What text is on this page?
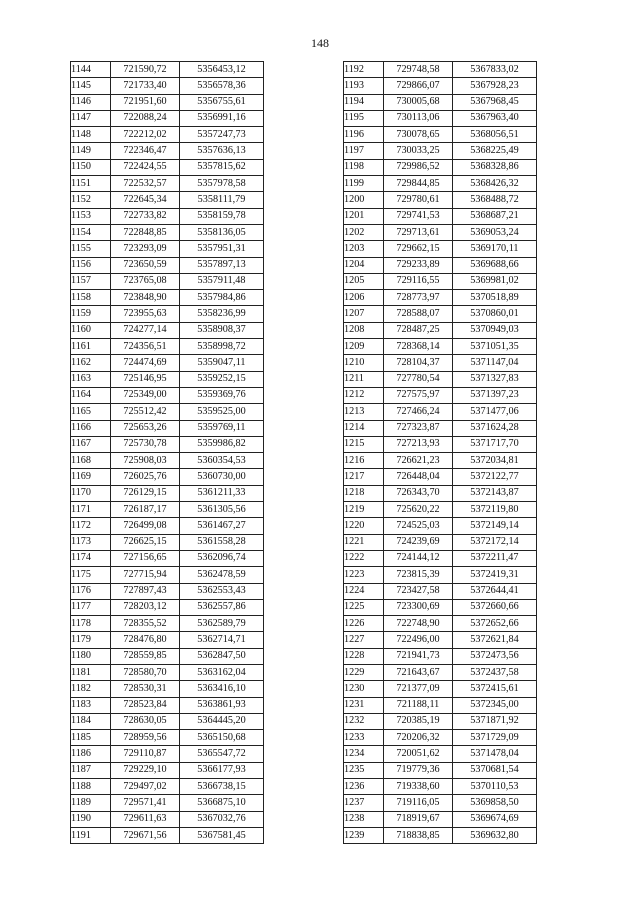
148
1144	721590,72	5356453,12
1145	721733,40	5356578,36
1146	721951,60	5356755,61
1147	722088,24	5356991,16
1148	722212,02	5357247,73
1149	722346,47	5357636,13
1150	722424,55	5357815,62
1151	722532,57	5357978,58
1152	722645,34	5358111,79
1153	722733,82	5358159,78
1154	722848,85	5358136,05
1155	723293,09	5357951,31
1156	723650,59	5357897,13
1157	723765,08	5357911,48
1158	723848,90	5357984,86
1159	723955,63	5358236,99
1160	724277,14	5358908,37
1161	724356,51	5358998,72
1162	724474,69	5359047,11
1163	725146,95	5359252,15
1164	725349,00	5359369,76
1165	725512,42	5359525,00
1166	725653,26	5359769,11
1167	725730,78	5359986,82
1168	725908,03	5360354,53
1169	726025,76	5360730,00
1170	726129,15	5361211,33
1171	726187,17	5361305,56
1172	726499,08	5361467,27
1173	726625,15	5361558,28
1174	727156,65	5362096,74
1175	727715,94	5362478,59
1176	727897,43	5362553,43
1177	728203,12	5362557,86
1178	728355,52	5362589,79
1179	728476,80	5362714,71
1180	728559,85	5362847,50
1181	728580,70	5363162,04
1182	728530,31	5363416,10
1183	728523,84	5363861,93
1184	728630,05	5364445,20
1185	728959,56	5365150,68
1186	729110,87	5365547,72
1187	729229,10	5366177,93
1188	729497,02	5366738,15
1189	729571,41	5366875,10
1190	729611,63	5367032,76
1191	729671,56	5367581,45
1192	729748,58	5367833,02
1193	729866,07	5367928,23
1194	730005,68	5367968,45
1195	730113,06	5367963,40
1196	730078,65	5368056,51
1197	730033,25	5368225,49
1198	729986,52	5368328,86
1199	729844,85	5368426,32
1200	729780,61	5368488,72
1201	729741,53	5368687,21
1202	729713,61	5369053,24
1203	729662,15	5369170,11
1204	729233,89	5369688,66
1205	729116,55	5369981,02
1206	728773,97	5370518,89
1207	728588,07	5370860,01
1208	728487,25	5370949,03
1209	728368,14	5371051,35
1210	728104,37	5371147,04
1211	727780,54	5371327,83
1212	727575,97	5371397,23
1213	727466,24	5371477,06
1214	727323,87	5371624,28
1215	727213,93	5371717,70
1216	726621,23	5372034,81
1217	726448,04	5372122,77
1218	726343,70	5372143,87
1219	725620,22	5372119,80
1220	724525,03	5372149,14
1221	724239,69	5372172,14
1222	724144,12	5372211,47
1223	723815,39	5372419,31
1224	723427,58	5372644,41
1225	723300,69	5372660,66
1226	722748,90	5372652,66
1227	722496,00	5372621,84
1228	721941,73	5372473,56
1229	721643,67	5372437,58
1230	721377,09	5372415,61
1231	721188,11	5372345,00
1232	720385,19	5371871,92
1233	720206,32	5371729,09
1234	720051,62	5371478,04
1235	719779,36	5370681,54
1236	719338,60	5370110,53
1237	719116,05	5369858,50
1238	718919,67	5369674,69
1239	718838,85	5369632,80
